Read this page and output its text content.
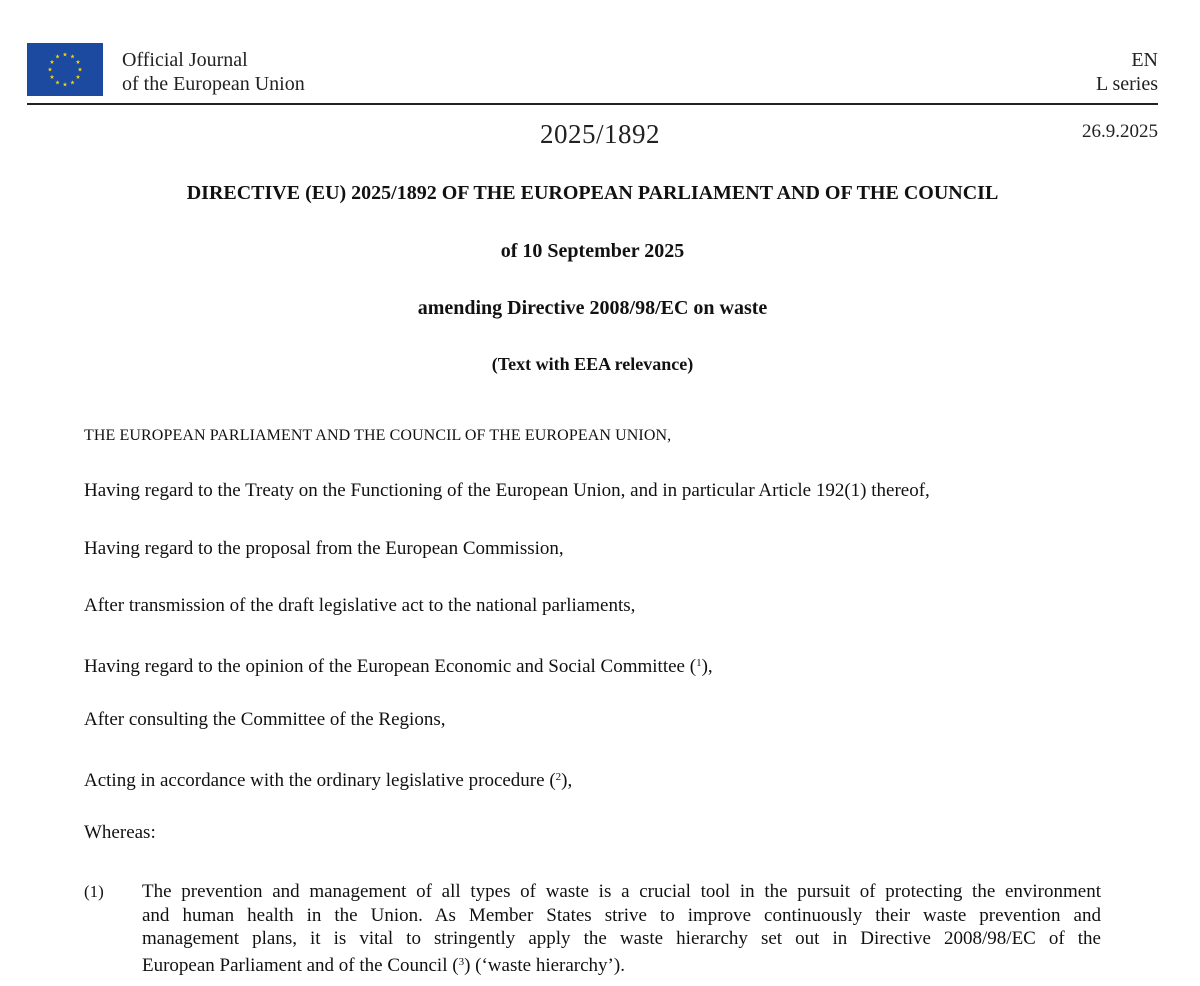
Official Journal
of the European Union
EN
L series
2025/1892	26.9.2025
DIRECTIVE (EU) 2025/1892 OF THE EUROPEAN PARLIAMENT AND OF THE COUNCIL
of 10 September 2025
amending Directive 2008/98/EC on waste
(Text with EEA relevance)
THE EUROPEAN PARLIAMENT AND THE COUNCIL OF THE EUROPEAN UNION,
Having regard to the Treaty on the Functioning of the European Union, and in particular Article 192(1) thereof,
Having regard to the proposal from the European Commission,
After transmission of the draft legislative act to the national parliaments,
Having regard to the opinion of the European Economic and Social Committee ($^1$),
After consulting the Committee of the Regions,
Acting in accordance with the ordinary legislative procedure ($^2$),
Whereas:
(1) The prevention and management of all types of waste is a crucial tool in the pursuit of protecting the environment
and human health in the Union. As Member States strive to improve continuously their waste prevention and
management plans, it is vital to stringently apply the waste hierarchy set out in Directive 2008/98/EC of the
European Parliament and of the Council ($^3$) (‘waste hierarchy’).
